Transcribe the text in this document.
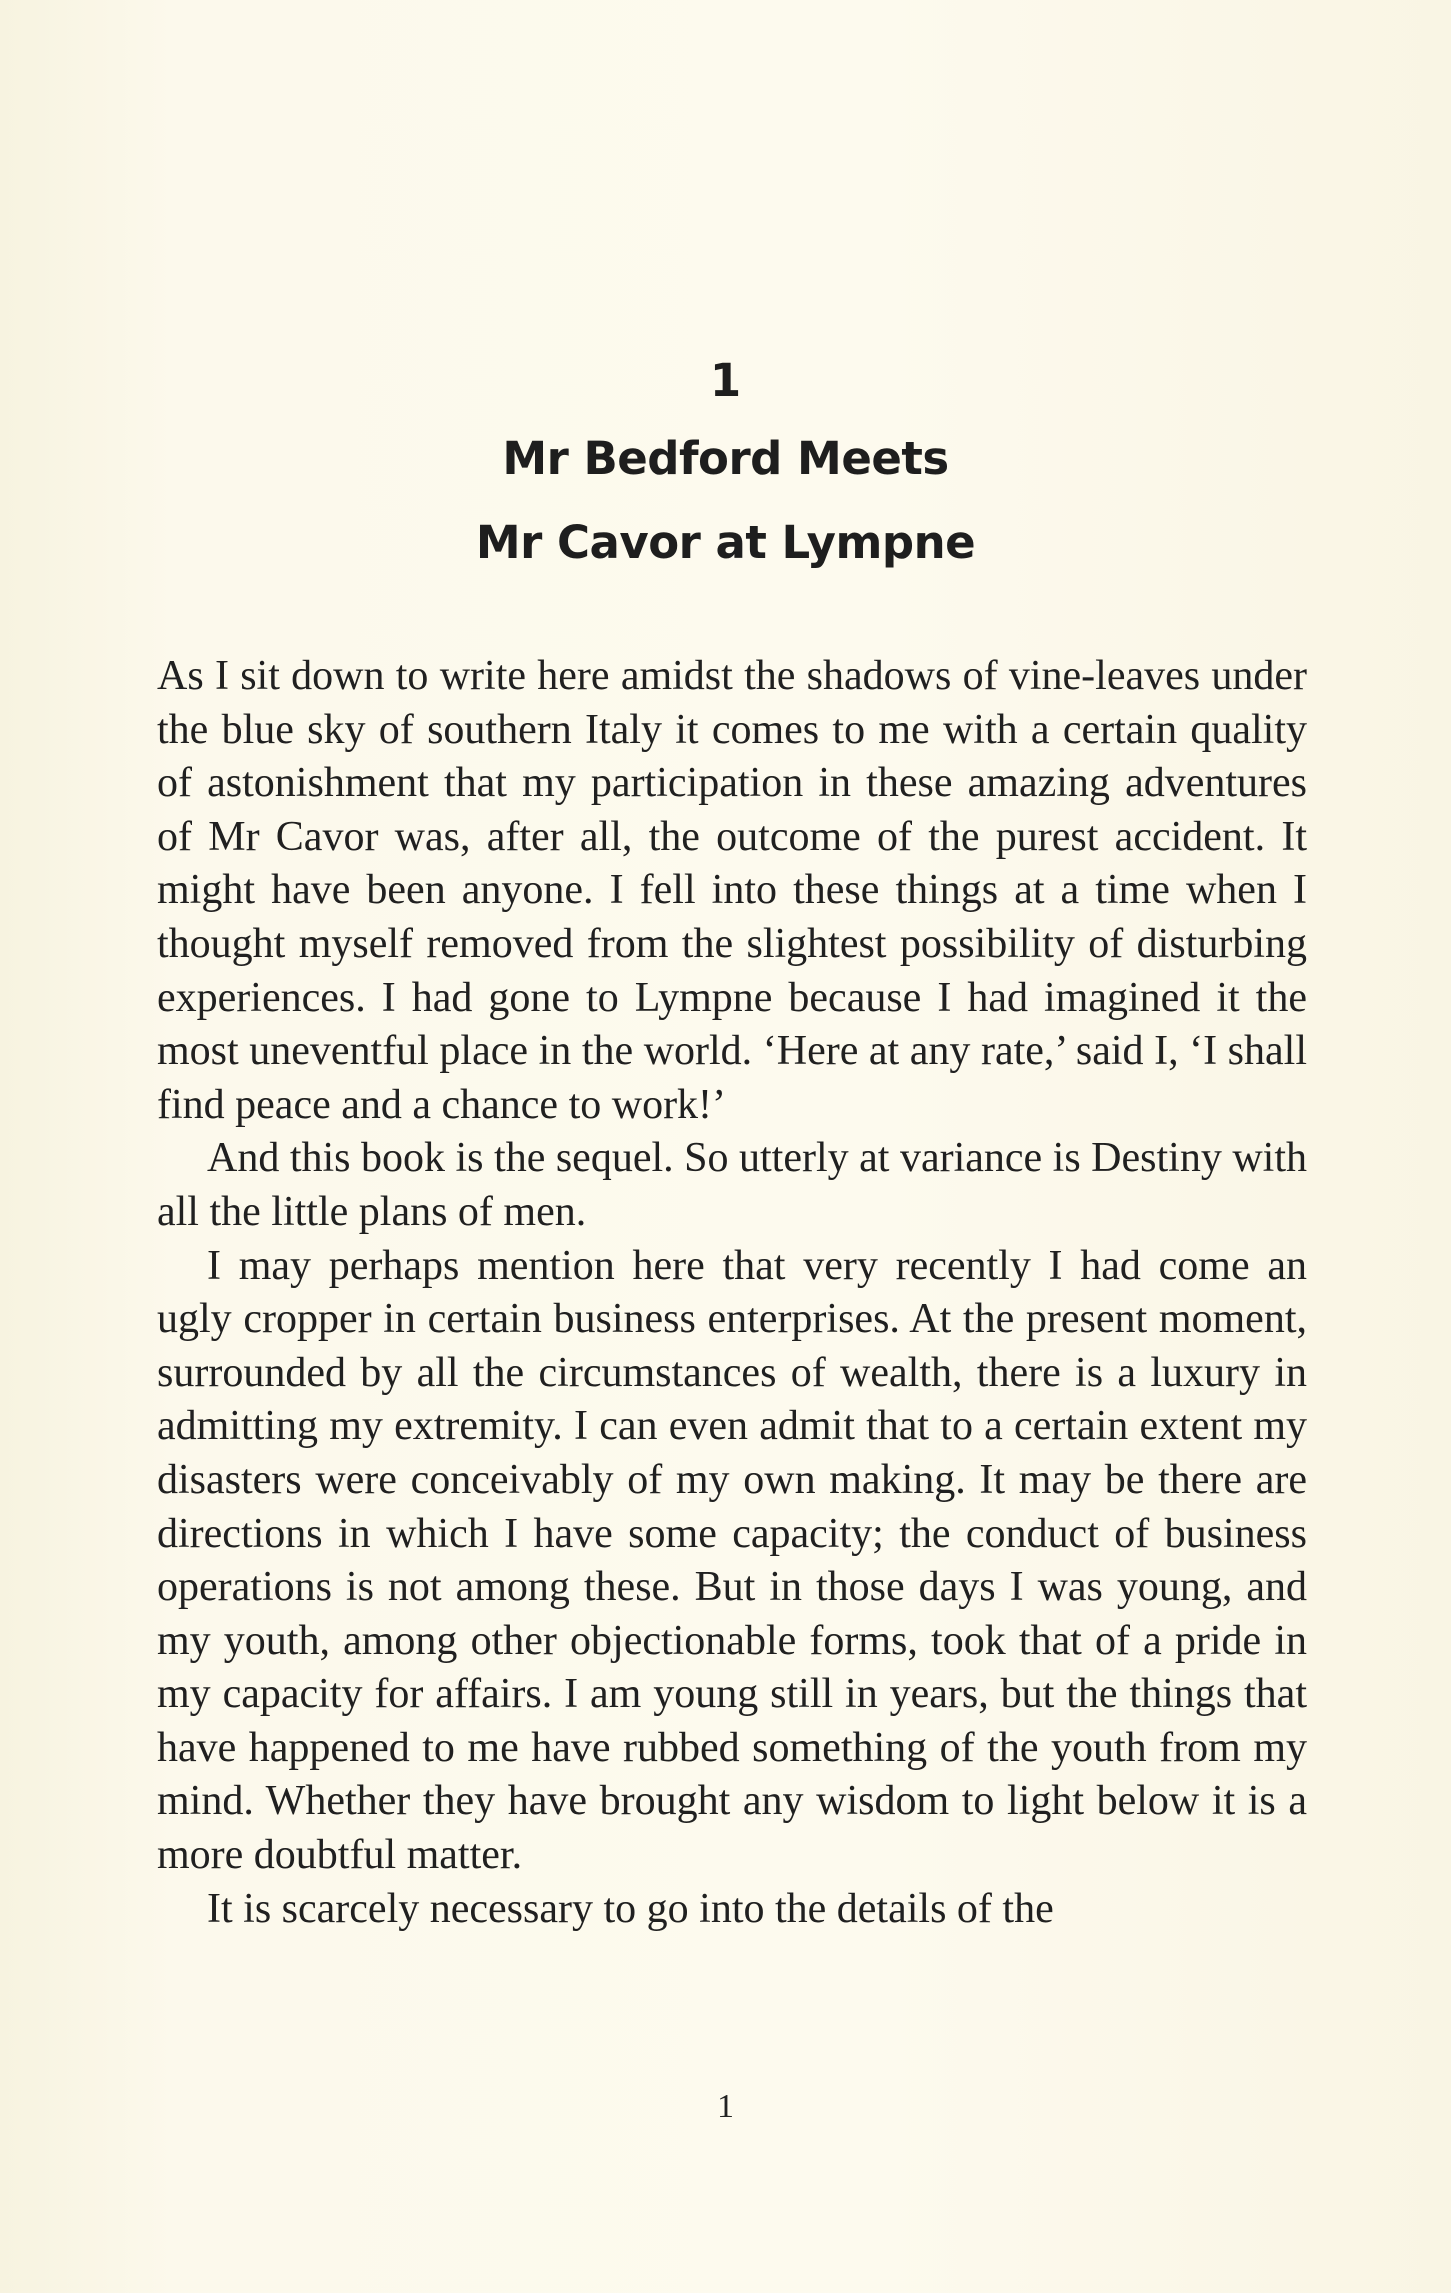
1
Mr Bedford Meets
Mr Cavor at Lympne

As I sit down to write here amidst the shadows of vine-leaves under the blue sky of southern Italy it comes to me with a certain quality of astonishment that my participation in these amazing adventures of Mr Cavor was, after all, the outcome of the purest accident. It might have been anyone. I fell into these things at a time when I thought myself removed from the slightest possibility of disturbing experiences. I had gone to Lympne because I had imagined it the most uneventful place in the world. ‘Here at any rate,’ said I, ‘I shall find peace and a chance to work!’

And this book is the sequel. So utterly at variance is Destiny with all the little plans of men.

I may perhaps mention here that very recently I had come an ugly cropper in certain business enterprises. At the present moment, surrounded by all the circumstances of wealth, there is a luxury in admitting my extremity. I can even admit that to a certain extent my disasters were conceivably of my own making. It may be there are directions in which I have some capacity; the conduct of business operations is not among these. But in those days I was young, and my youth, among other objectionable forms, took that of a pride in my capacity for affairs. I am young still in years, but the things that have happened to me have rubbed something of the youth from my mind. Whether they have brought any wisdom to light below it is a more doubtful matter.

It is scarcely necessary to go into the details of the

1
